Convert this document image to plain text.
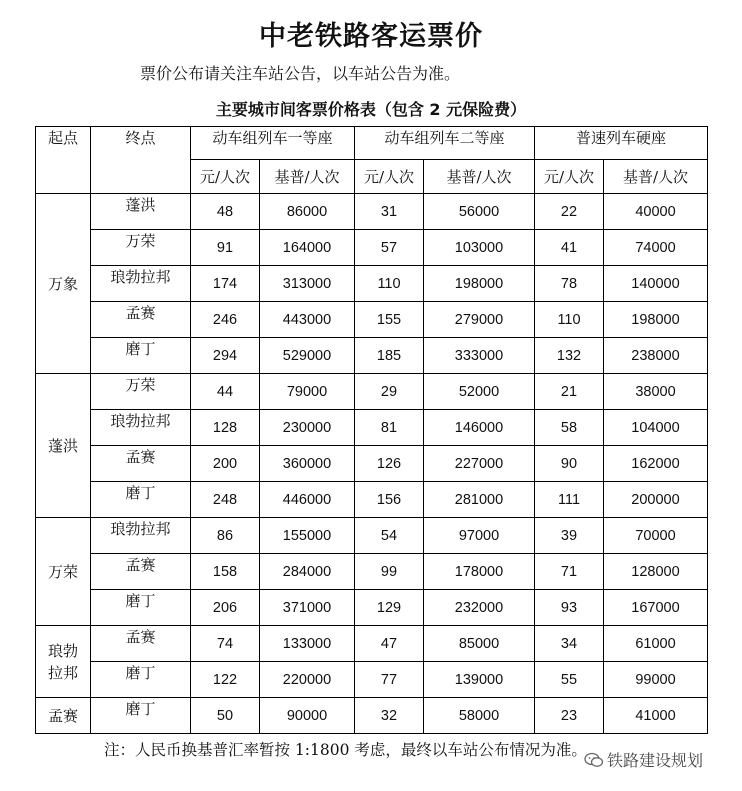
中老铁路客运票价
票价公布请关注车站公告，以车站公告为准。
主要城市间客票价格表（包含 2 元保险费）
起点	终点	动车组列车一等座		动车组列车二等座		普速列车硬座	
		元/人次	基普/人次	元/人次	基普/人次	元/人次	基普/人次
万象	蓬洪	48	86000	31	56000	22	40000
	万荣	91	164000	57	103000	41	74000
	琅勃拉邦	174	313000	110	198000	78	140000
	孟赛	246	443000	155	279000	110	198000
	磨丁	294	529000	185	333000	132	238000
蓬洪	万荣	44	79000	29	52000	21	38000
	琅勃拉邦	128	230000	81	146000	58	104000
	孟赛	200	360000	126	227000	90	162000
	磨丁	248	446000	156	281000	111	200000
万荣	琅勃拉邦	86	155000	54	97000	39	70000
	孟赛	158	284000	99	178000	71	128000
	磨丁	206	371000	129	232000	93	167000
琅勃拉邦	孟赛	74	133000	47	85000	34	61000
	磨丁	122	220000	77	139000	55	99000
孟赛	磨丁	50	90000	32	58000	23	41000
注：人民币换基普汇率暂按 1:1800 考虑，最终以车站公布情况为准。
铁路建设规划
